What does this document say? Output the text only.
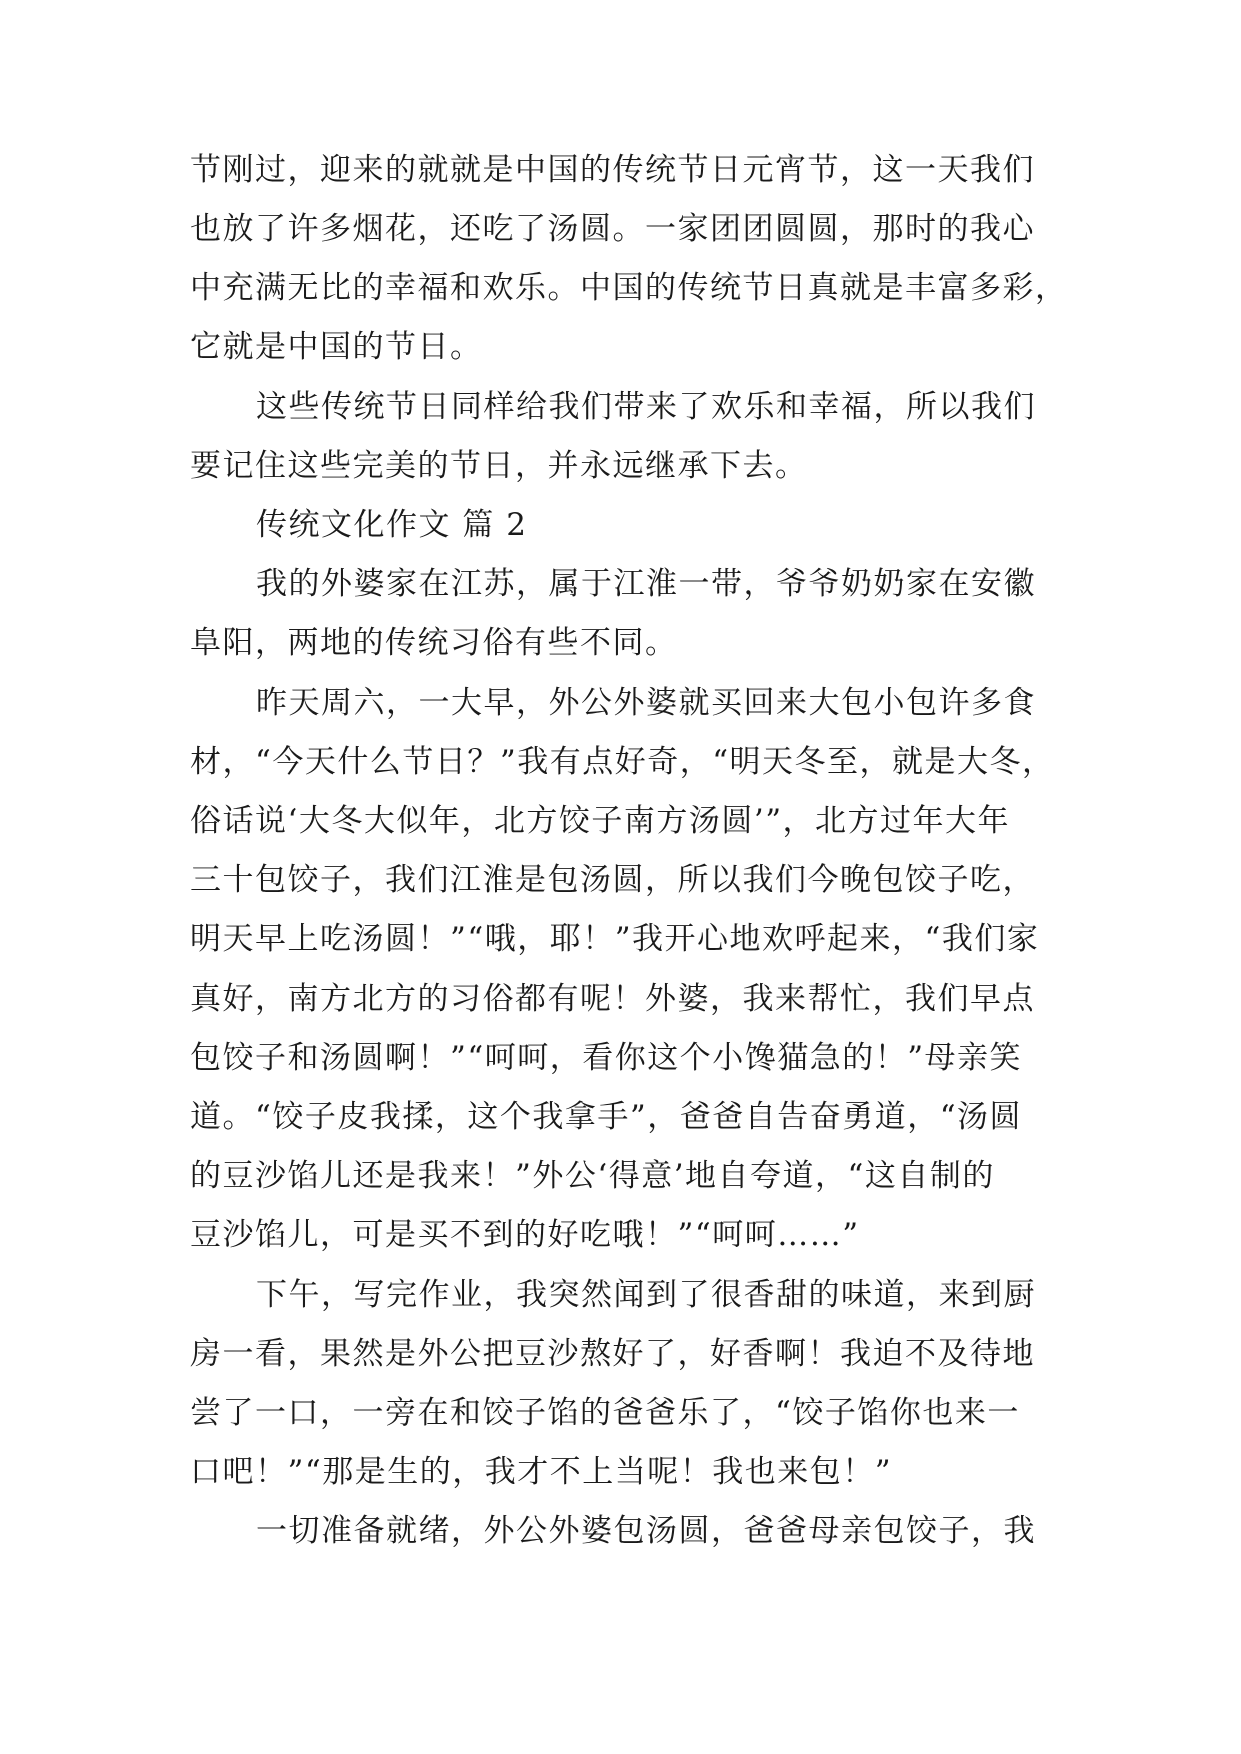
节刚过，迎来的就就是中国的传统节日元宵节，这一天我们
也放了许多烟花，还吃了汤圆。一家团团圆圆，那时的我心
中充满无比的幸福和欢乐。中国的传统节日真就是丰富多彩，
它就是中国的节日。
这些传统节日同样给我们带来了欢乐和幸福，所以我们
要记住这些完美的节日，并永远继承下去。
传统文化作文 篇 2
我的外婆家在江苏，属于江淮一带，爷爷奶奶家在安徽
阜阳，两地的传统习俗有些不同。
昨天周六，一大早，外公外婆就买回来大包小包许多食
材，“今天什么节日？”我有点好奇，“明天冬至，就是大冬，
俗话说‘大冬大似年，北方饺子南方汤圆’”，北方过年大年
三十包饺子，我们江淮是包汤圆，所以我们今晚包饺子吃，
明天早上吃汤圆！”“哦，耶！”我开心地欢呼起来，“我们家
真好，南方北方的习俗都有呢！外婆，我来帮忙，我们早点
包饺子和汤圆啊！”“呵呵，看你这个小馋猫急的！”母亲笑
道。“饺子皮我揉，这个我拿手”，爸爸自告奋勇道，“汤圆
的豆沙馅儿还是我来！”外公‘得意’地自夸道，“这自制的
豆沙馅儿，可是买不到的好吃哦！”“呵呵……”
下午，写完作业，我突然闻到了很香甜的味道，来到厨
房一看，果然是外公把豆沙熬好了，好香啊！我迫不及待地
尝了一口，一旁在和饺子馅的爸爸乐了，“饺子馅你也来一
口吧！”“那是生的，我才不上当呢！我也来包！”
一切准备就绪，外公外婆包汤圆，爸爸母亲包饺子，我
